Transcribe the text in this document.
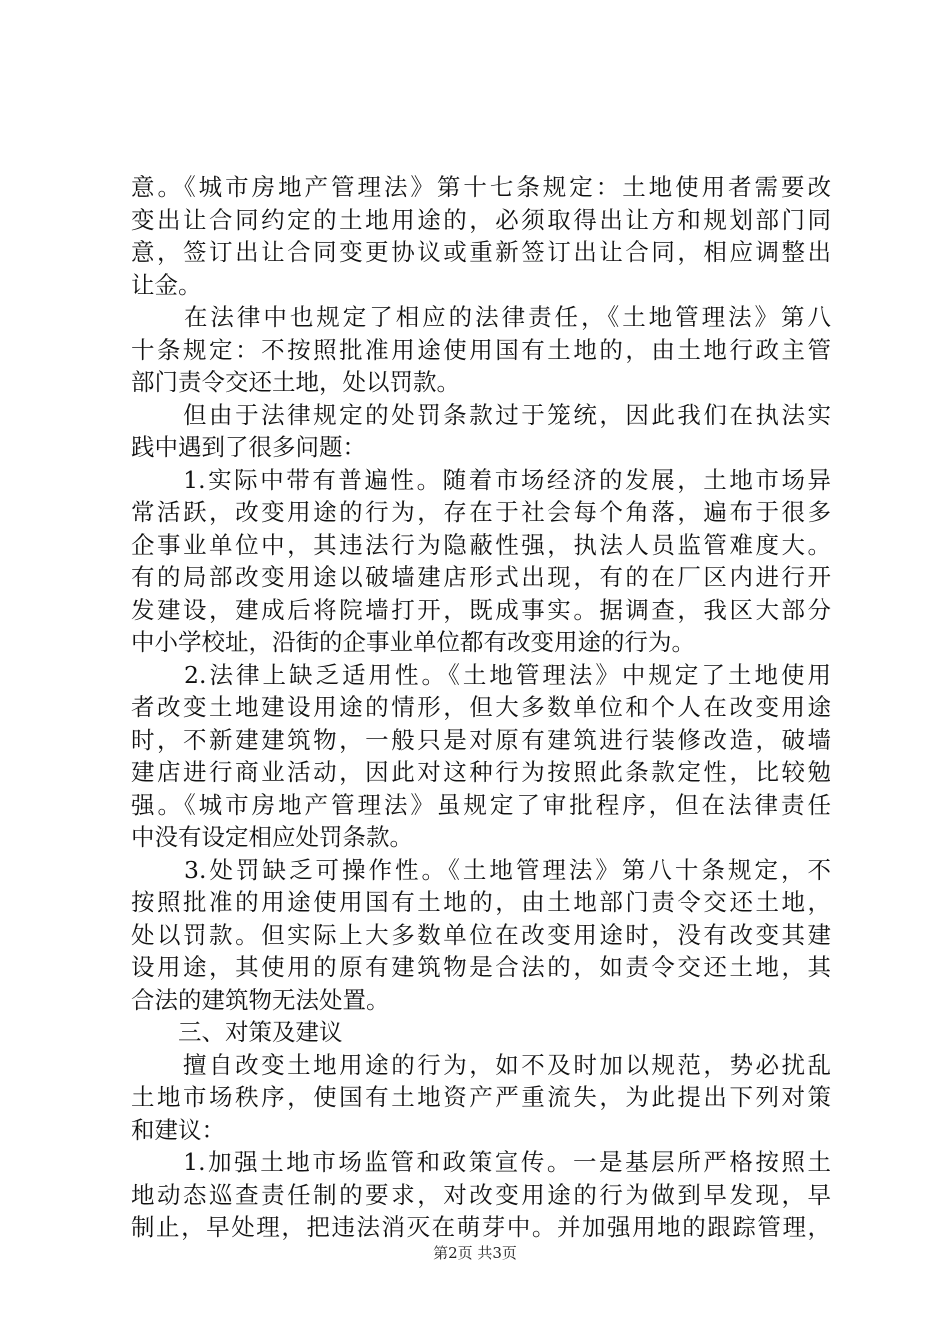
意。《城市房地产管理法》第十七条规定：土地使用者需要改
变出让合同约定的土地用途的，必须取得出让方和规划部门同
意，签订出让合同变更协议或重新签订出让合同，相应调整出
让金。
　　在法律中也规定了相应的法律责任，《土地管理法》第八
十条规定：不按照批准用途使用国有土地的，由土地行政主管
部门责令交还土地，处以罚款。
　　但由于法律规定的处罚条款过于笼统，因此我们在执法实
践中遇到了很多问题：
　　1.实际中带有普遍性。随着市场经济的发展，土地市场异
常活跃，改变用途的行为，存在于社会每个角落，遍布于很多
企事业单位中，其违法行为隐蔽性强，执法人员监管难度大。
有的局部改变用途以破墙建店形式出现，有的在厂区内进行开
发建设，建成后将院墙打开，既成事实。据调查，我区大部分
中小学校址，沿街的企事业单位都有改变用途的行为。
　　2.法律上缺乏适用性。《土地管理法》中规定了土地使用
者改变土地建设用途的情形，但大多数单位和个人在改变用途
时，不新建建筑物，一般只是对原有建筑进行装修改造，破墙
建店进行商业活动，因此对这种行为按照此条款定性，比较勉
强。《城市房地产管理法》虽规定了审批程序，但在法律责任
中没有设定相应处罚条款。
　　3.处罚缺乏可操作性。《土地管理法》第八十条规定，不
按照批准的用途使用国有土地的，由土地部门责令交还土地，
处以罚款。但实际上大多数单位在改变用途时，没有改变其建
设用途，其使用的原有建筑物是合法的，如责令交还土地，其
合法的建筑物无法处置。
　　三、对策及建议
　　擅自改变土地用途的行为，如不及时加以规范，势必扰乱
土地市场秩序，使国有土地资产严重流失，为此提出下列对策
和建议：
　　1.加强土地市场监管和政策宣传。一是基层所严格按照土
地动态巡查责任制的要求，对改变用途的行为做到早发现，早
制止，早处理，把违法消灭在萌芽中。并加强用地的跟踪管理，
第2页 共3页
